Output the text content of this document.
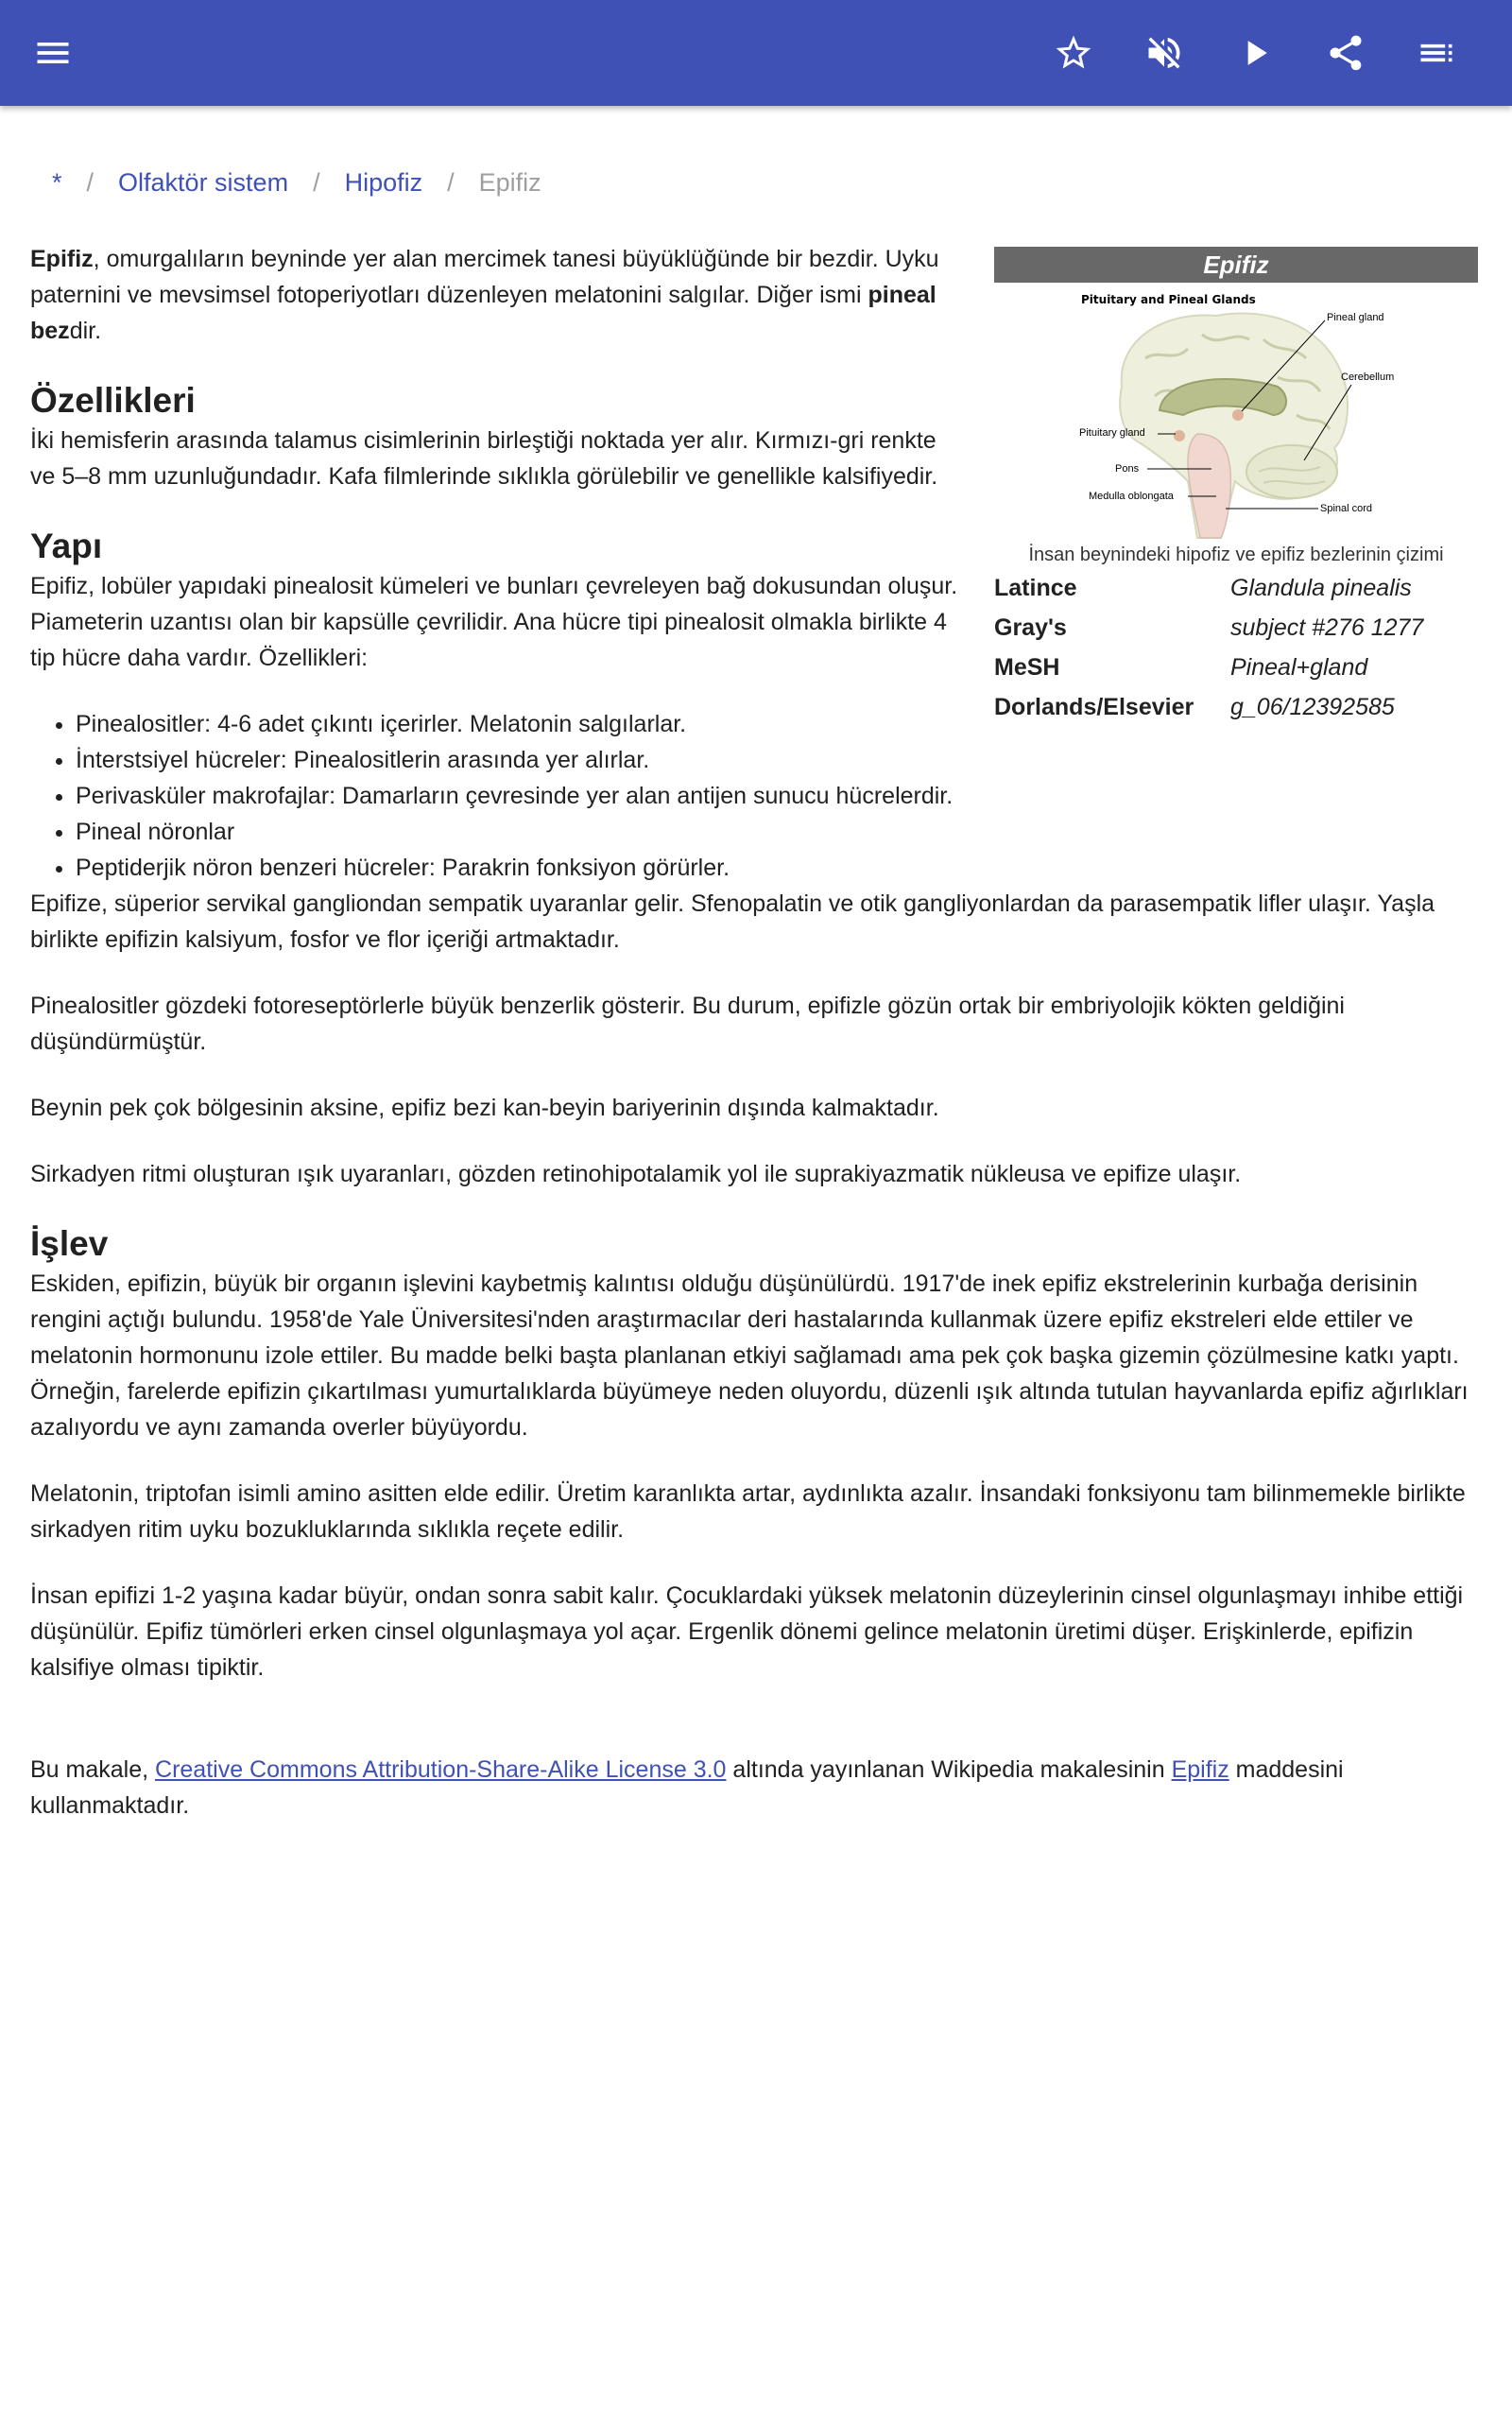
* / Olfaktör sistem / Hipofiz / Epifiz
Epifiz
Pituitary and Pineal Glands
Pineal gland
Cerebellum
Pituitary gland
Pons
Medulla oblongata
Spinal cord
İnsan beynindeki hipofiz ve epifiz bezlerinin çizimi
Latince	Glandula pinealis
Gray's	subject #276 1277
MeSH	Pineal+gland
Dorlands/Elsevier	g_06/12392585

Epifiz, omurgalıların beyninde yer alan mercimek tanesi büyüklüğünde bir bezdir. Uyku paternini ve mevsimsel fotoperiyotları düzenleyen melatonini salgılar. Diğer ismi pineal bezdir.

Özellikleri

İki hemisferin arasında talamus cisimlerinin birleştiği noktada yer alır. Kırmızı-gri renkte ve 5–8 mm uzunluğundadır. Kafa filmlerinde sıklıkla görülebilir ve genellikle kalsifiyedir.

Yapı

Epifiz, lobüler yapıdaki pinealosit kümeleri ve bunları çevreleyen bağ dokusundan oluşur. Piameterin uzantısı olan bir kapsülle çevrilidir. Ana hücre tipi pinealosit olmakla birlikte 4 tip hücre daha vardır. Özellikleri:

• Pinealositler: 4-6 adet çıkıntı içerirler. Melatonin salgılarlar.
• İnterstsiyel hücreler: Pinealositlerin arasında yer alırlar.
• Perivasküler makrofajlar: Damarların çevresinde yer alan antijen sunucu hücrelerdir.
• Pineal nöronlar
• Peptiderjik nöron benzeri hücreler: Parakrin fonksiyon görürler.

Epifize, süperior servikal gangliondan sempatik uyaranlar gelir. Sfenopalatin ve otik gangliyonlardan da parasempatik lifler ulaşır. Yaşla birlikte epifizin kalsiyum, fosfor ve flor içeriği artmaktadır.

Pinealositler gözdeki fotoreseptörlerle büyük benzerlik gösterir. Bu durum, epifizle gözün ortak bir embriyolojik kökten geldiğini düşündürmüştür.

Beynin pek çok bölgesinin aksine, epifiz bezi kan-beyin bariyerinin dışında kalmaktadır.

Sirkadyen ritmi oluşturan ışık uyaranları, gözden retinohipotalamik yol ile suprakiyazmatik nükleusa ve epifize ulaşır.

İşlev

Eskiden, epifizin, büyük bir organın işlevini kaybetmiş kalıntısı olduğu düşünülürdü. 1917'de inek epifiz ekstrelerinin kurbağa derisinin rengini açtığı bulundu. 1958'de Yale Üniversitesi'nden araştırmacılar deri hastalarında kullanmak üzere epifiz ekstreleri elde ettiler ve melatonin hormonunu izole ettiler. Bu madde belki başta planlanan etkiyi sağlamadı ama pek çok başka gizemin çözülmesine katkı yaptı. Örneğin, farelerde epifizin çıkartılması yumurtalıklarda büyümeye neden oluyordu, düzenli ışık altında tutulan hayvanlarda epifiz ağırlıkları azalıyordu ve aynı zamanda overler büyüyordu.

Melatonin, triptofan isimli amino asitten elde edilir. Üretim karanlıkta artar, aydınlıkta azalır. İnsandaki fonksiyonu tam bilinmemekle birlikte sirkadyen ritim uyku bozukluklarında sıklıkla reçete edilir.

İnsan epifizi 1-2 yaşına kadar büyür, ondan sonra sabit kalır. Çocuklardaki yüksek melatonin düzeylerinin cinsel olgunlaşmayı inhibe ettiği düşünülür. Epifiz tümörleri erken cinsel olgunlaşmaya yol açar. Ergenlik dönemi gelince melatonin üretimi düşer. Erişkinlerde, epifizin kalsifiye olması tipiktir.

Bu makale, Creative Commons Attribution-Share-Alike License 3.0 altında yayınlanan Wikipedia makalesinin Epifiz maddesini kullanmaktadır.
